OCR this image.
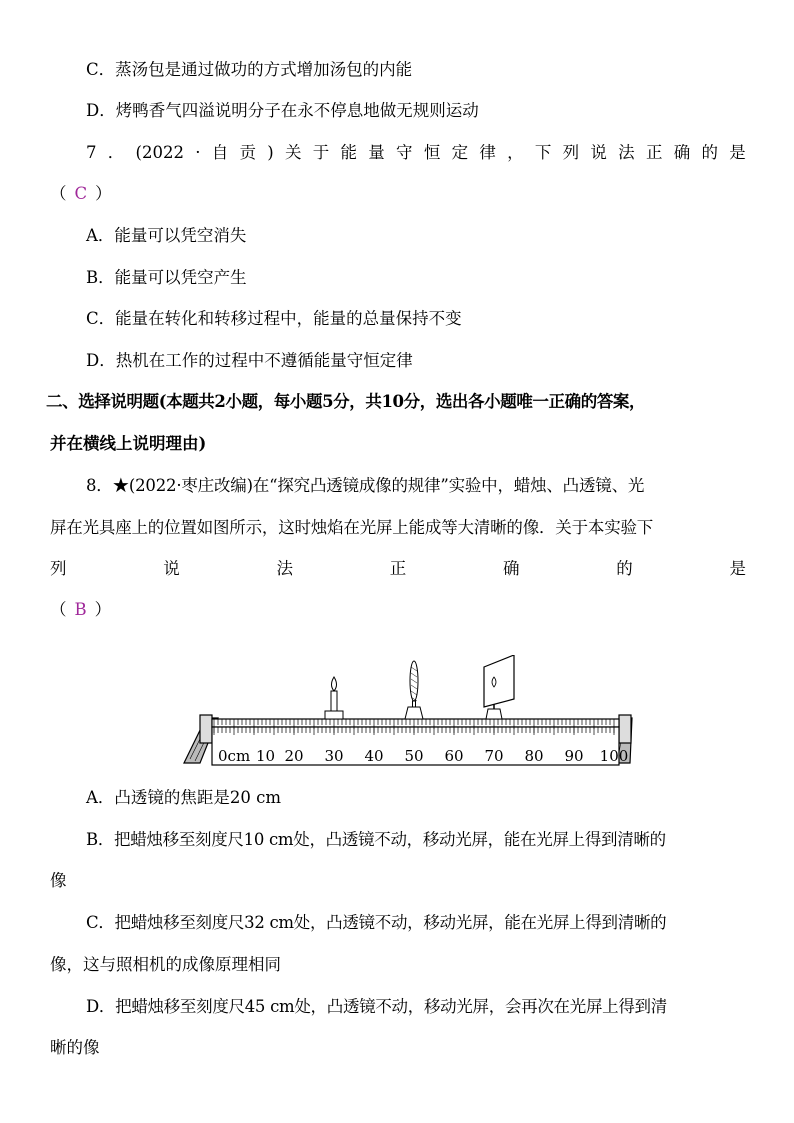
C．蒸汤包是通过做功的方式增加汤包的内能
D．烤鸭香气四溢说明分子在永不停息地做无规则运动
7 ． (2022 · 自 贡 ) 关 于 能 量 守 恒 定 律 ， 下 列 说 法 正 确 的 是
（ C ）
A．能量可以凭空消失
B．能量可以凭空产生
C．能量在转化和转移过程中，能量的总量保持不变
D．热机在工作的过程中不遵循能量守恒定律
二、选择说明题(本题共2小题，每小题5分，共10分，选出各小题唯一正确的答案，
并在横线上说明理由)
8．★(2022·枣庄改编)在“探究凸透镜成像的规律”实验中，蜡烛、凸透镜、光
屏在光具座上的位置如图所示，这时烛焰在光屏上能成等大清晰的像．关于本实验下
列	说	法	正	确	的	是
（ B ）
0cm 10 20 30 40 50 60 70 80 90 100
A．凸透镜的焦距是20 cm
B．把蜡烛移至刻度尺10 cm处，凸透镜不动，移动光屏，能在光屏上得到清晰的
像
C．把蜡烛移至刻度尺32 cm处，凸透镜不动，移动光屏，能在光屏上得到清晰的
像，这与照相机的成像原理相同
D．把蜡烛移至刻度尺45 cm处，凸透镜不动，移动光屏，会再次在光屏上得到清
晰的像
